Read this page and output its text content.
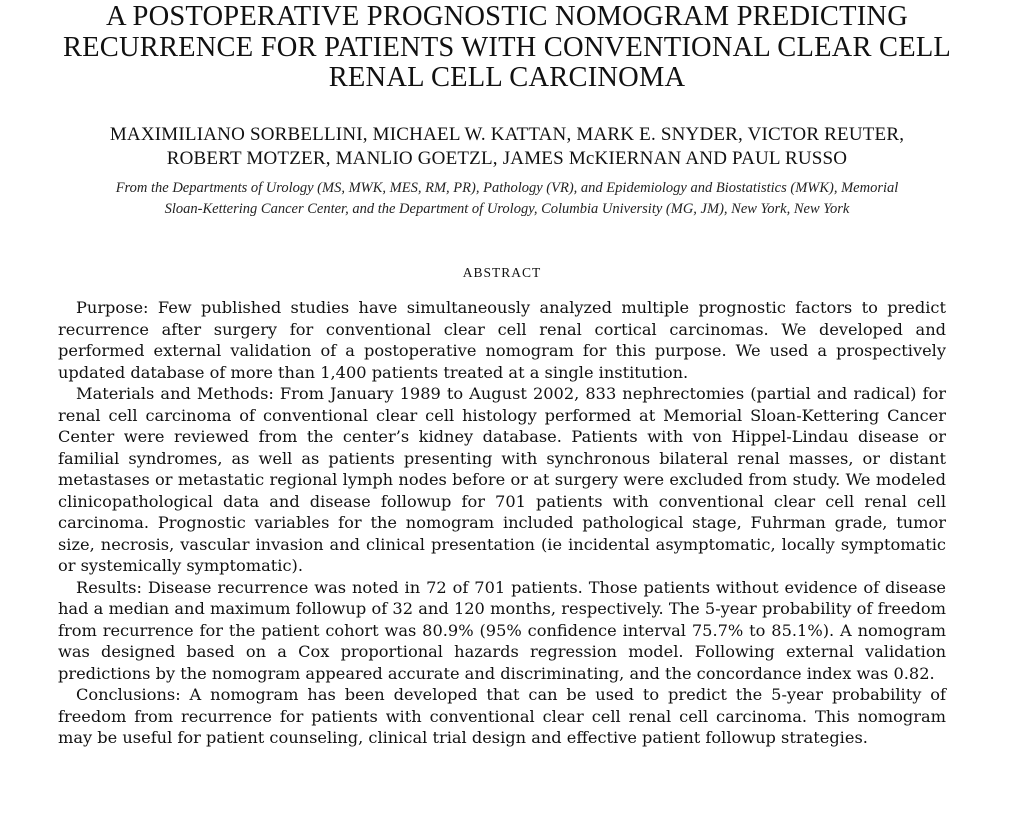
A POSTOPERATIVE PROGNOSTIC NOMOGRAM PREDICTING
RECURRENCE FOR PATIENTS WITH CONVENTIONAL CLEAR CELL
RENAL CELL CARCINOMA
MAXIMILIANO SORBELLINI, MICHAEL W. KATTAN, MARK E. SNYDER, VICTOR REUTER,
ROBERT MOTZER, MANLIO GOETZL, JAMES McKIERNAN AND PAUL RUSSO
From the Departments of Urology (MS, MWK, MES, RM, PR), Pathology (VR), and Epidemiology and Biostatistics (MWK), Memorial
Sloan-Kettering Cancer Center, and the Department of Urology, Columbia University (MG, JM), New York, New York
ABSTRACT

Purpose: Few published studies have simultaneously analyzed multiple prognostic factors to predict recurrence after surgery for conventional clear cell renal cortical carcinomas. We developed and performed external validation of a postoperative nomogram for this purpose. We used a prospectively updated database of more than 1,400 patients treated at a single institution.

Materials and Methods: From January 1989 to August 2002, 833 nephrectomies (partial and radical) for renal cell carcinoma of conventional clear cell histology performed at Memorial Sloan-Kettering Cancer Center were reviewed from the center’s kidney database. Patients with von Hippel-Lindau disease or familial syndromes, as well as patients presenting with synchronous bilateral renal masses, or distant metastases or metastatic regional lymph nodes before or at surgery were excluded from study. We modeled clinicopathological data and disease followup for 701 patients with conventional clear cell renal cell carcinoma. Prognostic variables for the nomogram included pathological stage, Fuhrman grade, tumor size, necrosis, vascular invasion and clinical presentation (ie incidental asymptomatic, locally symptomatic or systemically symptomatic).

Results: Disease recurrence was noted in 72 of 701 patients. Those patients without evidence of disease had a median and maximum followup of 32 and 120 months, respectively. The 5-year probability of freedom from recurrence for the patient cohort was 80.9% (95% confidence interval 75.7% to 85.1%). A nomogram was designed based on a Cox proportional hazards regression model. Following external validation predictions by the nomogram appeared accurate and discriminating, and the concordance index was 0.82.

Conclusions: A nomogram has been developed that can be used to predict the 5-year probability of freedom from recurrence for patients with conventional clear cell renal cell carcinoma. This nomogram may be useful for patient counseling, clinical trial design and effective patient followup strategies.
